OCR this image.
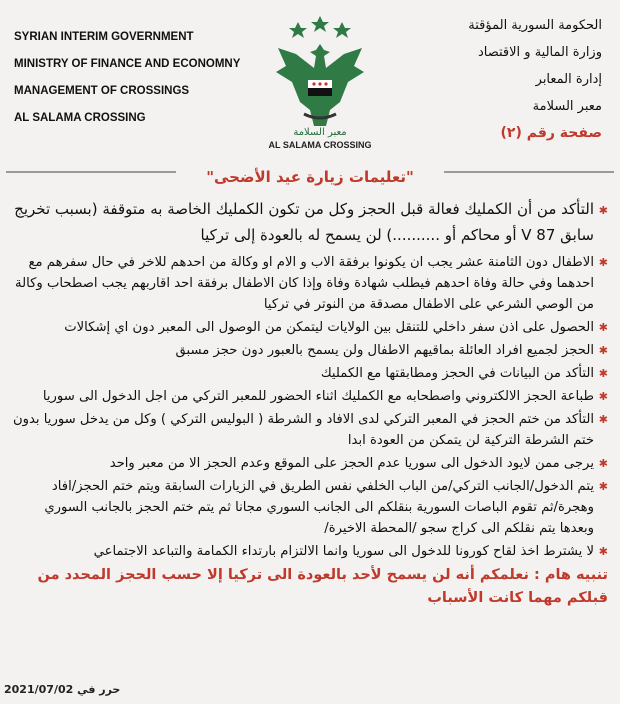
SYRIAN INTERIM GOVERNMENT
MINISTRY OF FINANCE AND ECONOMNY
MANAGEMENT OF CROSSINGS
AL SALAMA CROSSING
معبر السلامة
AL SALAMA CROSSING
الحكومة السورية المؤقتة
وزارة المالية و الاقتصاد
إدارة المعابر
معبر السلامة
صفحة رقم (٢)
"تعليمات زيارة عيد الأضحى"
✱
التأكد من أن الكمليك فعالة قبل الحجز وكل من تكون الكمليك الخاصة به متوقفة (بسبب تخريج سابق V 87 أو محاكم أو ..........) لن يسمح له بالعودة إلى تركيا
✱
الاطفال دون الثامنة عشر يجب ان يكونوا برفقة الاب و الام او وكالة من احدهم للاخر في حال سفرهم مع احدهما وفي حالة وفاة احدهم فيطلب شهادة وفاة وإذا كان الاطفال برفقة احد اقاربهم يجب اصطحاب وكالة من الوصي الشرعي على الاطفال مصدقة من النوتر في تركيا
✱
الحصول على اذن سفر داخلي للتنقل بين الولايات ليتمكن من الوصول الى المعبر دون اي إشكالات
✱
الحجز لجميع افراد العائلة بماقيهم الاطفال ولن يسمح بالعبور دون حجز مسبق
✱
التأكد من البيانات في الحجز ومطابقتها مع الكمليك
✱
طباعة الحجز الالكتروني واصطحابه مع الكمليك اثناء الحضور للمعبر التركي من اجل الدخول الى سوريا
✱
التأكد من ختم الحجز في المعبر التركي لدى الافاد و الشرطة ( البوليس التركي ) وكل من يدخل سوريا بدون ختم الشرطة التركية لن يتمكن من العودة ابدا
✱
يرجى ممن لايود الدخول الى سوريا عدم الحجز على الموقع وعدم الحجز الا من معبر واحد
✱
يتم الدخول/الجانب التركي/من الباب الخلفي نفس الطريق في الزيارات السابقة ويتم ختم الحجز/افاد وهجرة/ثم تقوم الباصات السورية بنقلكم الى الجانب السوري مجانا ثم يتم ختم الحجز بالجانب السوري وبعدها يتم نقلكم الى كراج سجو /المحطة الاخيرة/
✱
لا يشترط اخذ لقاح كورونا للدخول الى سوريا وانما الالتزام بارتداء الكمامة والتباعد الاجتماعي
تنبيه هام : نعلمكم أنه لن يسمح لأحد بالعودة الى تركيا إلا حسب الحجز المحدد من قبلكم مهما كانت الأسباب
حرر في 2021/07/02
